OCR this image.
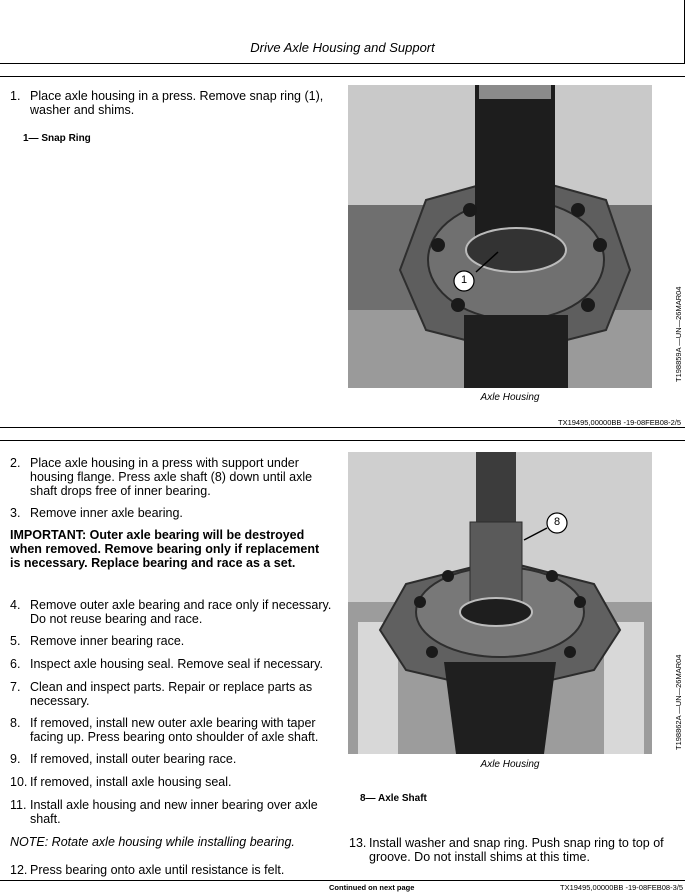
Drive Axle Housing and Support
1. Place axle housing in a press. Remove snap ring (1), washer and shims.
1— Snap Ring
1
T198859A —UN—26MAR04
Axle Housing
TX19495,00000BB -19-08FEB08-2/5
2. Place axle housing in a press with support under housing flange. Press axle shaft (8) down until axle shaft drops free of inner bearing.
3. Remove inner axle bearing.
IMPORTANT: Outer axle bearing will be destroyed when removed. Remove bearing only if replacement is necessary. Replace bearing and race as a set.
4. Remove outer axle bearing and race only if necessary. Do not reuse bearing and race.
5. Remove inner bearing race.
6. Inspect axle housing seal. Remove seal if necessary.
7. Clean and inspect parts. Repair or replace parts as necessary.
8. If removed, install new outer axle bearing with taper facing up. Press bearing onto shoulder of axle shaft.
9. If removed, install outer bearing race.
10. If removed, install axle housing seal.
11. Install axle housing and new inner bearing over axle shaft.
NOTE: Rotate axle housing while installing bearing.
12. Press bearing onto axle until resistance is felt.
8
T198862A —UN—26MAR04
Axle Housing
8— Axle Shaft
13. Install washer and snap ring. Push snap ring to top of groove. Do not install shims at this time.
Continued on next page	TX19495,00000BB -19-08FEB08-3/5
